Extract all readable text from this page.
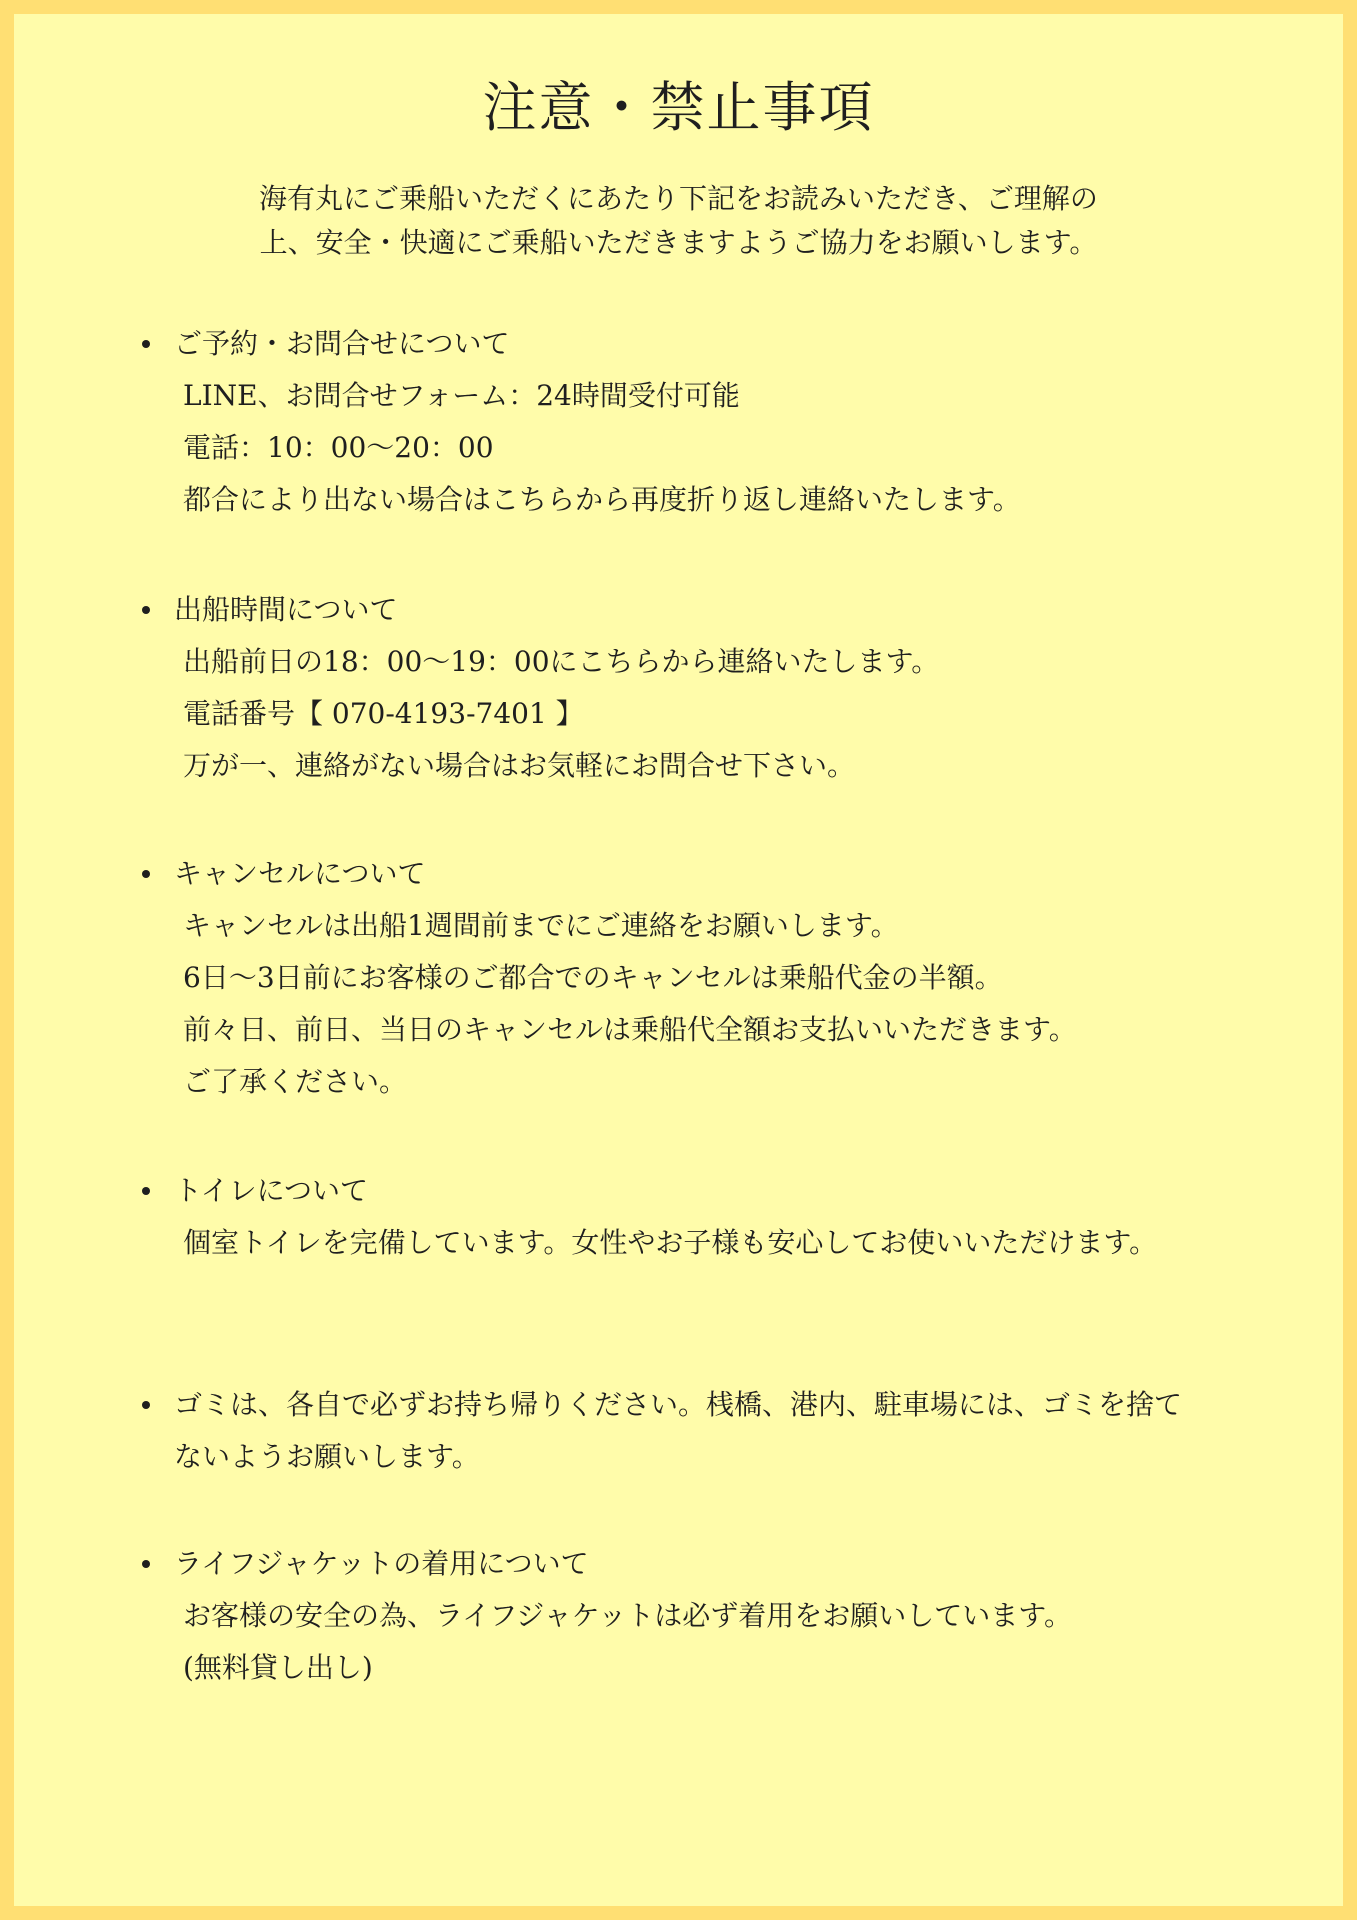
注意・禁止事項

海有丸にご乗船いただくにあたり下記をお読みいただき、ご理解の
上、安全・快適にご乗船いただきますようご協力をお願いします。

ご予約・お問合せについて
LINE、お問合せフォーム：24時間受付可能
電話：10：00〜20：00
都合により出ない場合はこちらから再度折り返し連絡いたします。
出船時間について
出船前日の18：00〜19：00にこちらから連絡いたします。
電話番号【 070-4193-7401 】
万が一、連絡がない場合はお気軽にお問合せ下さい。
キャンセルについて
キャンセルは出船1週間前までにご連絡をお願いします。
6日〜3日前にお客様のご都合でのキャンセルは乗船代金の半額。
前々日、前日、当日のキャンセルは乗船代全額お支払いいただきます。
ご了承ください。
トイレについて
個室トイレを完備しています。女性やお子様も安心してお使いいただけます。
ゴミは、各自で必ずお持ち帰りください。桟橋、港内、駐車場には、ゴミを捨てないようお願いします。
ライフジャケットの着用について
お客様の安全の為、ライフジャケットは必ず着用をお願いしています。
(無料貸し出し)
